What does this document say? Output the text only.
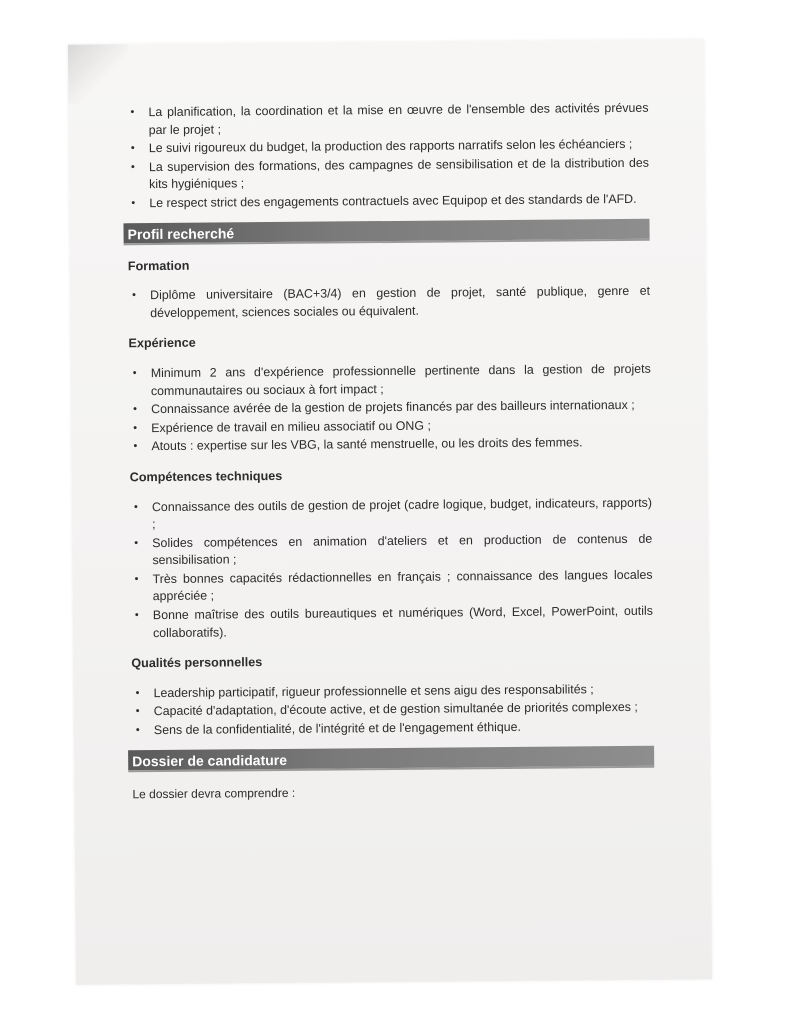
• La planification, la coordination et la mise en œuvre de l'ensemble des activités prévues par le projet ;
• Le suivi rigoureux du budget, la production des rapports narratifs selon les échéanciers ;
• La supervision des formations, des campagnes de sensibilisation et de la distribution des kits hygiéniques ;
• Le respect strict des engagements contractuels avec Equipop et des standards de l'AFD.
Profil recherché
Formation
• Diplôme universitaire (BAC+3/4) en gestion de projet, santé publique, genre et développement, sciences sociales ou équivalent.
Expérience
• Minimum 2 ans d'expérience professionnelle pertinente dans la gestion de projets communautaires ou sociaux à fort impact ;
• Connaissance avérée de la gestion de projets financés par des bailleurs internationaux ;
• Expérience de travail en milieu associatif ou ONG ;
• Atouts : expertise sur les VBG, la santé menstruelle, ou les droits des femmes.
Compétences techniques
• Connaissance des outils de gestion de projet (cadre logique, budget, indicateurs, rapports) ;
• Solides compétences en animation d'ateliers et en production de contenus de sensibilisation ;
• Très bonnes capacités rédactionnelles en français ; connaissance des langues locales appréciée ;
• Bonne maîtrise des outils bureautiques et numériques (Word, Excel, PowerPoint, outils collaboratifs).
Qualités personnelles
• Leadership participatif, rigueur professionnelle et sens aigu des responsabilités ;
• Capacité d'adaptation, d'écoute active, et de gestion simultanée de priorités complexes ;
• Sens de la confidentialité, de l'intégrité et de l'engagement éthique.
Dossier de candidature
Le dossier devra comprendre :
